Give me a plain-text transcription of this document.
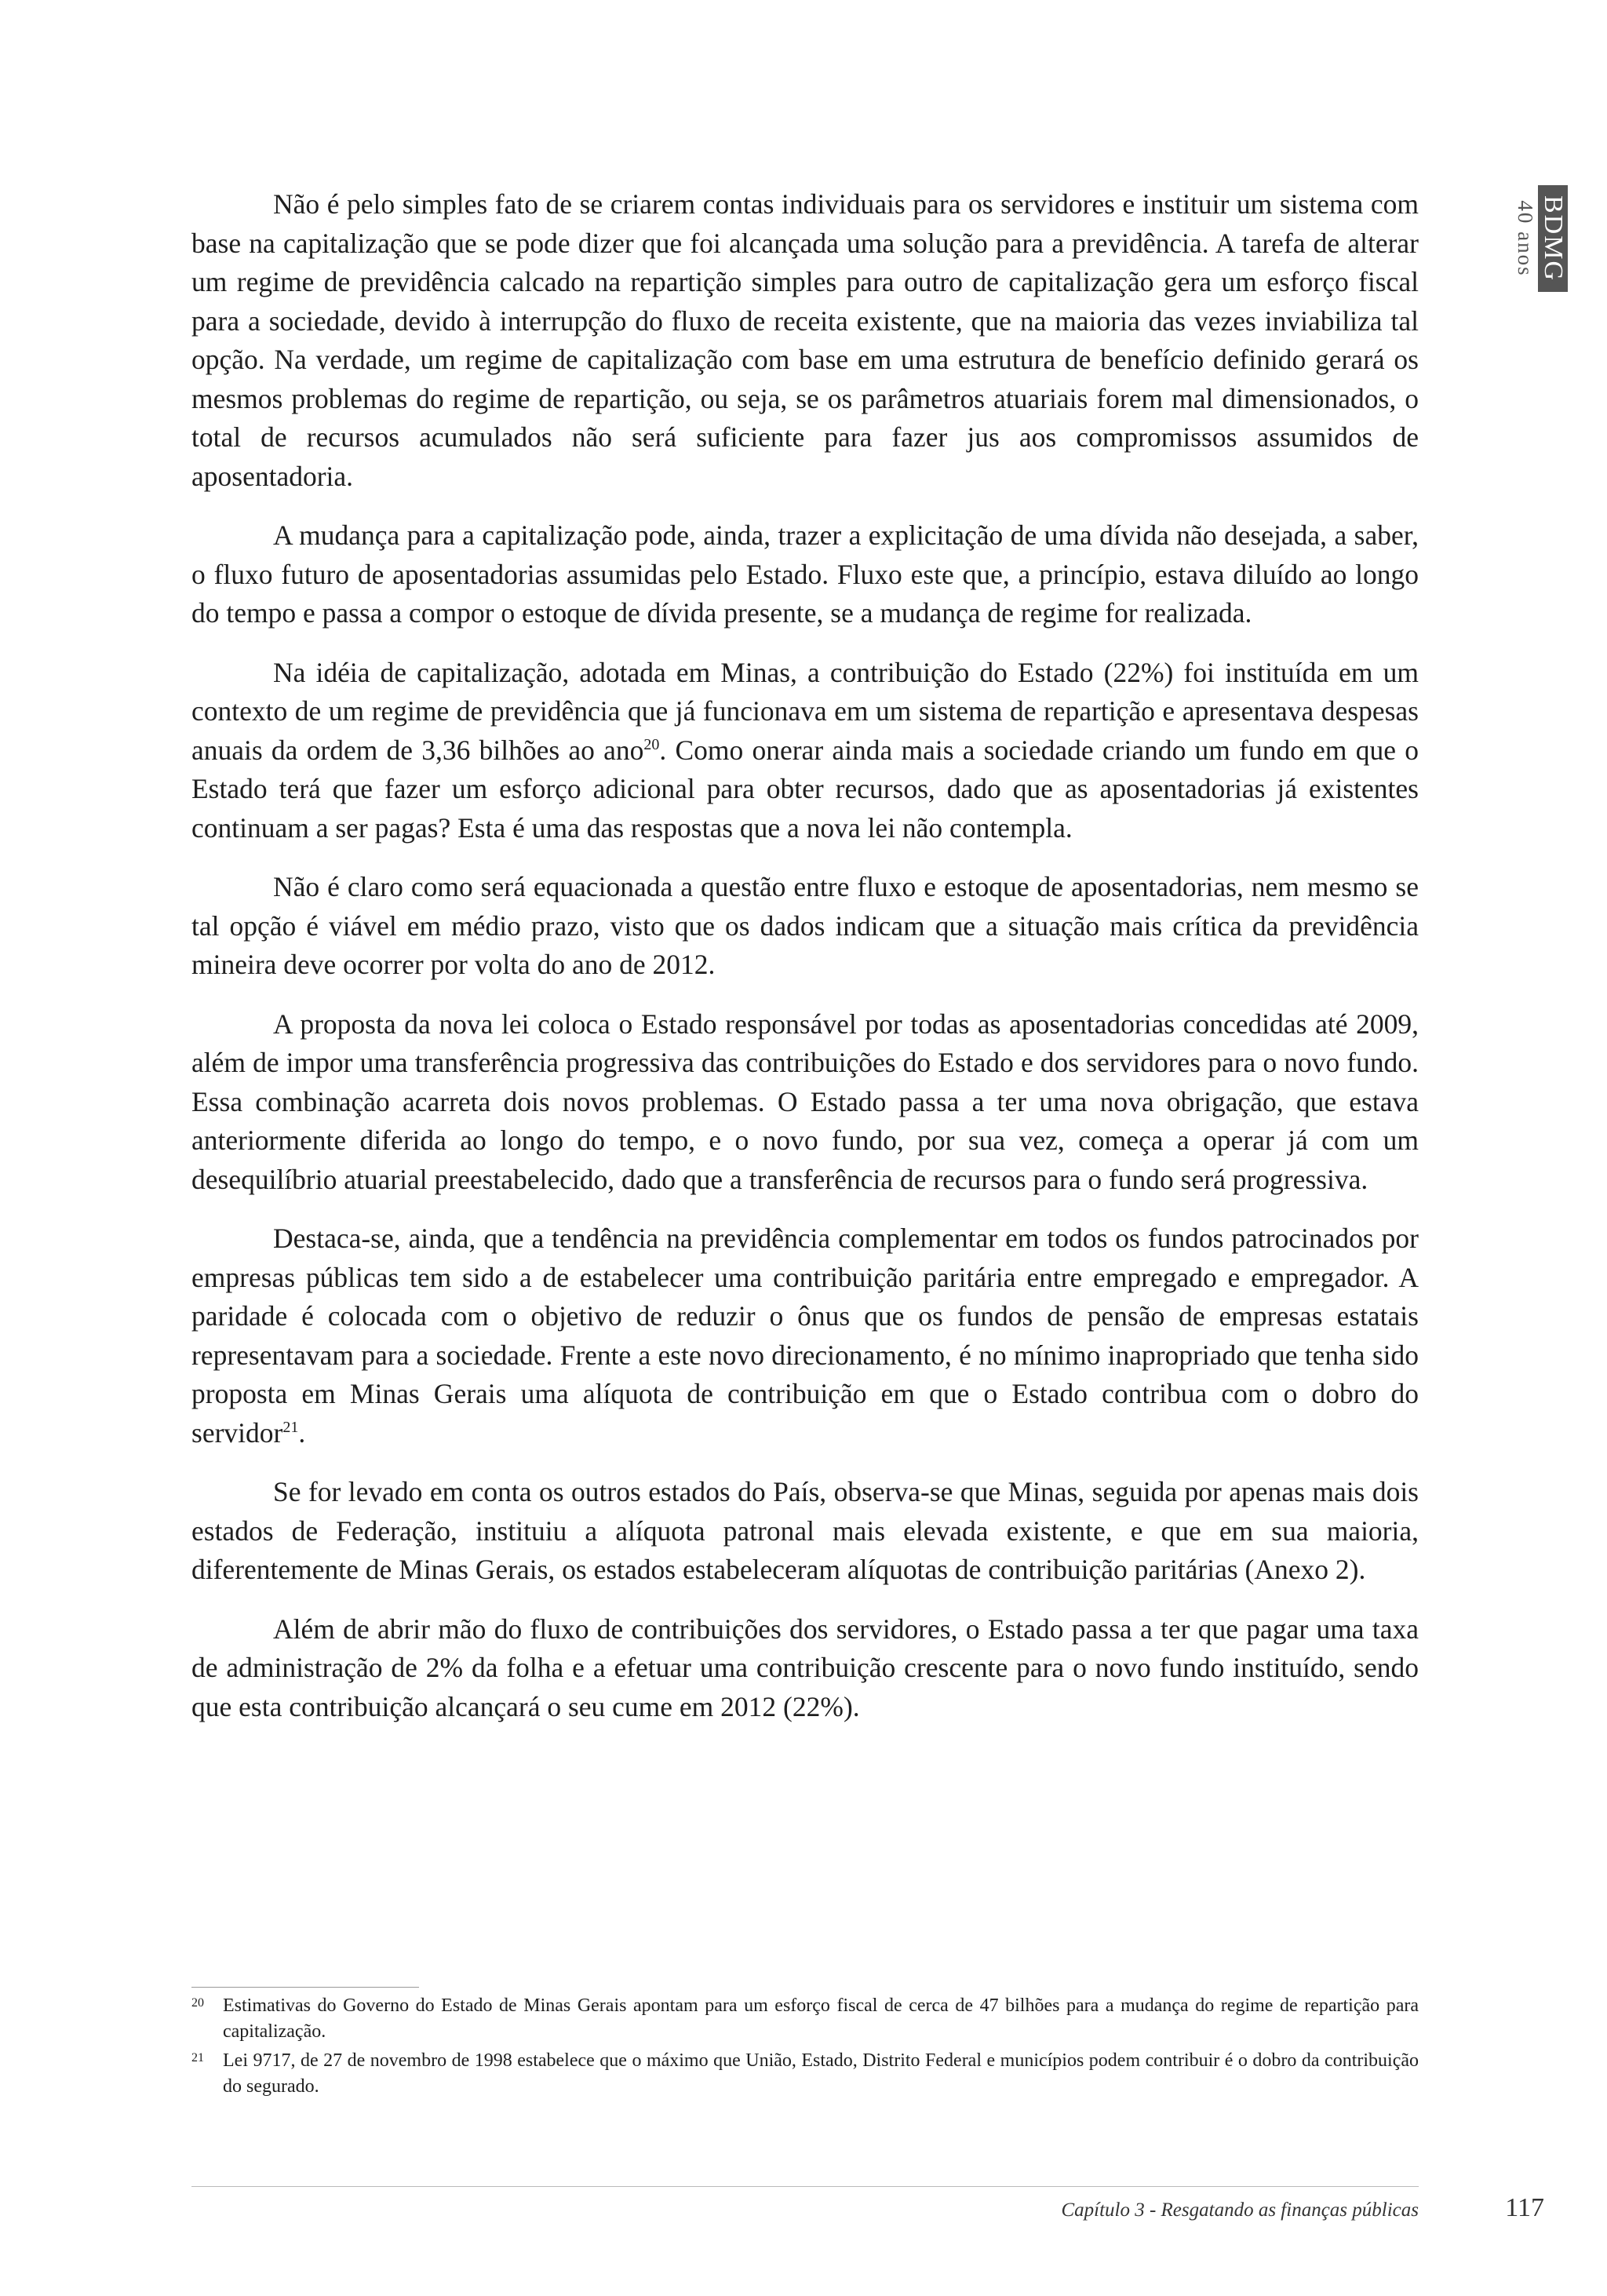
BDMG
40 anos

Não é pelo simples fato de se criarem contas individuais para os servidores e instituir um sistema com base na capitalização que se pode dizer que foi alcançada uma solução para a previdência. A tarefa de alterar um regime de previdência calcado na repartição simples para outro de capitalização gera um esforço fiscal para a sociedade, devido à interrupção do fluxo de receita existente, que na maioria das vezes inviabiliza tal opção. Na verdade, um regime de capitalização com base em uma estrutura de benefício definido gerará os mesmos problemas do regime de repartição, ou seja, se os parâmetros atuariais forem mal dimensionados, o total de recursos acumulados não será suficiente para fazer jus aos compromissos assumidos de aposentadoria.

A mudança para a capitalização pode, ainda, trazer a explicitação de uma dívida não desejada, a saber, o fluxo futuro de aposentadorias assumidas pelo Estado. Fluxo este que, a princípio, estava diluído ao longo do tempo e passa a compor o estoque de dívida presente, se a mudança de regime for realizada.

Na idéia de capitalização, adotada em Minas, a contribuição do Estado (22%) foi instituída em um contexto de um regime de previdência que já funcionava em um sistema de repartição e apresentava despesas anuais da ordem de 3,36 bilhões ao ano$^{20}$. Como onerar ainda mais a sociedade criando um fundo em que o Estado terá que fazer um esforço adicional para obter recursos, dado que as aposentadorias já existentes continuam a ser pagas? Esta é uma das respostas que a nova lei não contempla.

Não é claro como será equacionada a questão entre fluxo e estoque de aposentadorias, nem mesmo se tal opção é viável em médio prazo, visto que os dados indicam que a situação mais crítica da previdência mineira deve ocorrer por volta do ano de 2012.

A proposta da nova lei coloca o Estado responsável por todas as aposentadorias concedidas até 2009, além de impor uma transferência progressiva das contribuições do Estado e dos servidores para o novo fundo. Essa combinação acarreta dois novos problemas. O Estado passa a ter uma nova obrigação, que estava anteriormente diferida ao longo do tempo, e o novo fundo, por sua vez, começa a operar já com um desequilíbrio atuarial preestabelecido, dado que a transferência de recursos para o fundo será progressiva.

Destaca-se, ainda, que a tendência na previdência complementar em todos os fundos patrocinados por empresas públicas tem sido a de estabelecer uma contribuição paritária entre empregado e empregador. A paridade é colocada com o objetivo de reduzir o ônus que os fundos de pensão de empresas estatais representavam para a sociedade. Frente a este novo direcionamento, é no mínimo inapropriado que tenha sido proposta em Minas Gerais uma alíquota de contribuição em que o Estado contribua com o dobro do servidor$^{21}$.

Se for levado em conta os outros estados do País, observa-se que Minas, seguida por apenas mais dois estados de Federação, instituiu a alíquota patronal mais elevada existente, e que em sua maioria, diferentemente de Minas Gerais, os estados estabeleceram alíquotas de contribuição paritárias (Anexo 2).

Além de abrir mão do fluxo de contribuições dos servidores, o Estado passa a ter que pagar uma taxa de administração de 2% da folha e a efetuar uma contribuição crescente para o novo fundo instituído, sendo que esta contribuição alcançará o seu cume em 2012 (22%).

20	Estimativas do Governo do Estado de Minas Gerais apontam para um esforço fiscal de cerca de 47 bilhões para a mudança do regime de repartição para capitalização.
21	Lei 9717, de 27 de novembro de 1998 estabelece que o máximo que União, Estado, Distrito Federal e municípios podem contribuir é o dobro da contribuição do segurado.
Capítulo 3 - Resgatando as finanças públicas	117
